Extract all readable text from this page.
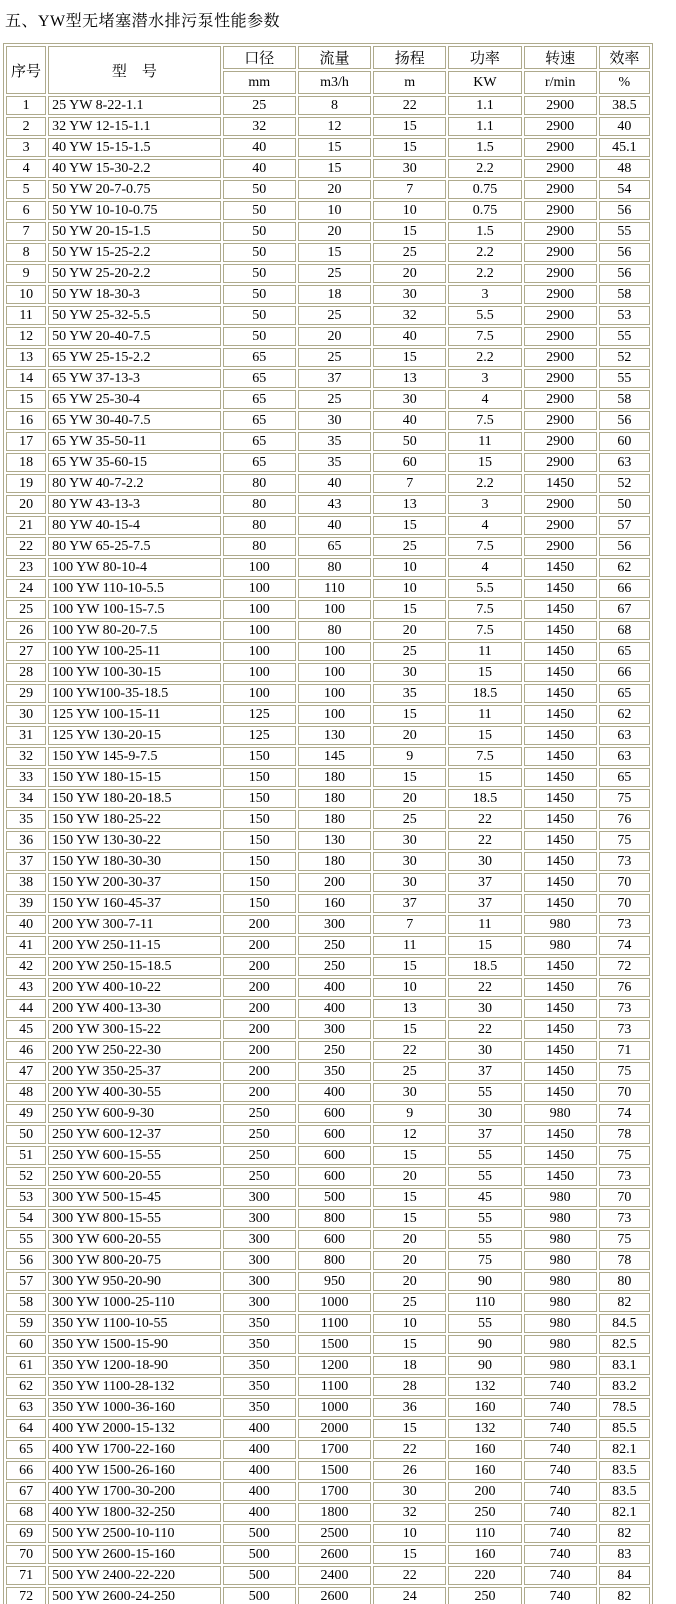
五、YW型无堵塞潜水排污泵性能参数
序号	型　号	口径	流量	扬程	功率	转速	效率
		mm	m3/h	m	KW	r/min	%
1	25 YW 8-22-1.1	25	8	22	1.1	2900	38.5
2	32 YW 12-15-1.1	32	12	15	1.1	2900	40
3	40 YW 15-15-1.5	40	15	15	1.5	2900	45.1
4	40 YW 15-30-2.2	40	15	30	2.2	2900	48
5	50 YW 20-7-0.75	50	20	7	0.75	2900	54
6	50 YW 10-10-0.75	50	10	10	0.75	2900	56
7	50 YW 20-15-1.5	50	20	15	1.5	2900	55
8	50 YW 15-25-2.2	50	15	25	2.2	2900	56
9	50 YW 25-20-2.2	50	25	20	2.2	2900	56
10	50 YW 18-30-3	50	18	30	3	2900	58
11	50 YW 25-32-5.5	50	25	32	5.5	2900	53
12	50 YW 20-40-7.5	50	20	40	7.5	2900	55
13	65 YW 25-15-2.2	65	25	15	2.2	2900	52
14	65 YW 37-13-3	65	37	13	3	2900	55
15	65 YW 25-30-4	65	25	30	4	2900	58
16	65 YW 30-40-7.5	65	30	40	7.5	2900	56
17	65 YW 35-50-11	65	35	50	11	2900	60
18	65 YW 35-60-15	65	35	60	15	2900	63
19	80 YW 40-7-2.2	80	40	7	2.2	1450	52
20	80 YW 43-13-3	80	43	13	3	2900	50
21	80 YW 40-15-4	80	40	15	4	2900	57
22	80 YW 65-25-7.5	80	65	25	7.5	2900	56
23	100 YW 80-10-4	100	80	10	4	1450	62
24	100 YW 110-10-5.5	100	110	10	5.5	1450	66
25	100 YW 100-15-7.5	100	100	15	7.5	1450	67
26	100 YW 80-20-7.5	100	80	20	7.5	1450	68
27	100 YW 100-25-11	100	100	25	11	1450	65
28	100 YW 100-30-15	100	100	30	15	1450	66
29	100 YW100-35-18.5	100	100	35	18.5	1450	65
30	125 YW 100-15-11	125	100	15	11	1450	62
31	125 YW 130-20-15	125	130	20	15	1450	63
32	150 YW 145-9-7.5	150	145	9	7.5	1450	63
33	150 YW 180-15-15	150	180	15	15	1450	65
34	150 YW 180-20-18.5	150	180	20	18.5	1450	75
35	150 YW 180-25-22	150	180	25	22	1450	76
36	150 YW 130-30-22	150	130	30	22	1450	75
37	150 YW 180-30-30	150	180	30	30	1450	73
38	150 YW 200-30-37	150	200	30	37	1450	70
39	150 YW 160-45-37	150	160	37	37	1450	70
40	200 YW 300-7-11	200	300	7	11	980	73
41	200 YW 250-11-15	200	250	11	15	980	74
42	200 YW 250-15-18.5	200	250	15	18.5	1450	72
43	200 YW 400-10-22	200	400	10	22	1450	76
44	200 YW 400-13-30	200	400	13	30	1450	73
45	200 YW 300-15-22	200	300	15	22	1450	73
46	200 YW 250-22-30	200	250	22	30	1450	71
47	200 YW 350-25-37	200	350	25	37	1450	75
48	200 YW 400-30-55	200	400	30	55	1450	70
49	250 YW 600-9-30	250	600	9	30	980	74
50	250 YW 600-12-37	250	600	12	37	1450	78
51	250 YW 600-15-55	250	600	15	55	1450	75
52	250 YW 600-20-55	250	600	20	55	1450	73
53	300 YW 500-15-45	300	500	15	45	980	70
54	300 YW 800-15-55	300	800	15	55	980	73
55	300 YW 600-20-55	300	600	20	55	980	75
56	300 YW 800-20-75	300	800	20	75	980	78
57	300 YW 950-20-90	300	950	20	90	980	80
58	300 YW 1000-25-110	300	1000	25	110	980	82
59	350 YW 1100-10-55	350	1100	10	55	980	84.5
60	350 YW 1500-15-90	350	1500	15	90	980	82.5
61	350 YW 1200-18-90	350	1200	18	90	980	83.1
62	350 YW 1100-28-132	350	1100	28	132	740	83.2
63	350 YW 1000-36-160	350	1000	36	160	740	78.5
64	400 YW 2000-15-132	400	2000	15	132	740	85.5
65	400 YW 1700-22-160	400	1700	22	160	740	82.1
66	400 YW 1500-26-160	400	1500	26	160	740	83.5
67	400 YW 1700-30-200	400	1700	30	200	740	83.5
68	400 YW 1800-32-250	400	1800	32	250	740	82.1
69	500 YW 2500-10-110	500	2500	10	110	740	82
70	500 YW 2600-15-160	500	2600	15	160	740	83
71	500 YW 2400-22-220	500	2400	22	220	740	84
72	500 YW 2600-24-250	500	2600	24	250	740	82
